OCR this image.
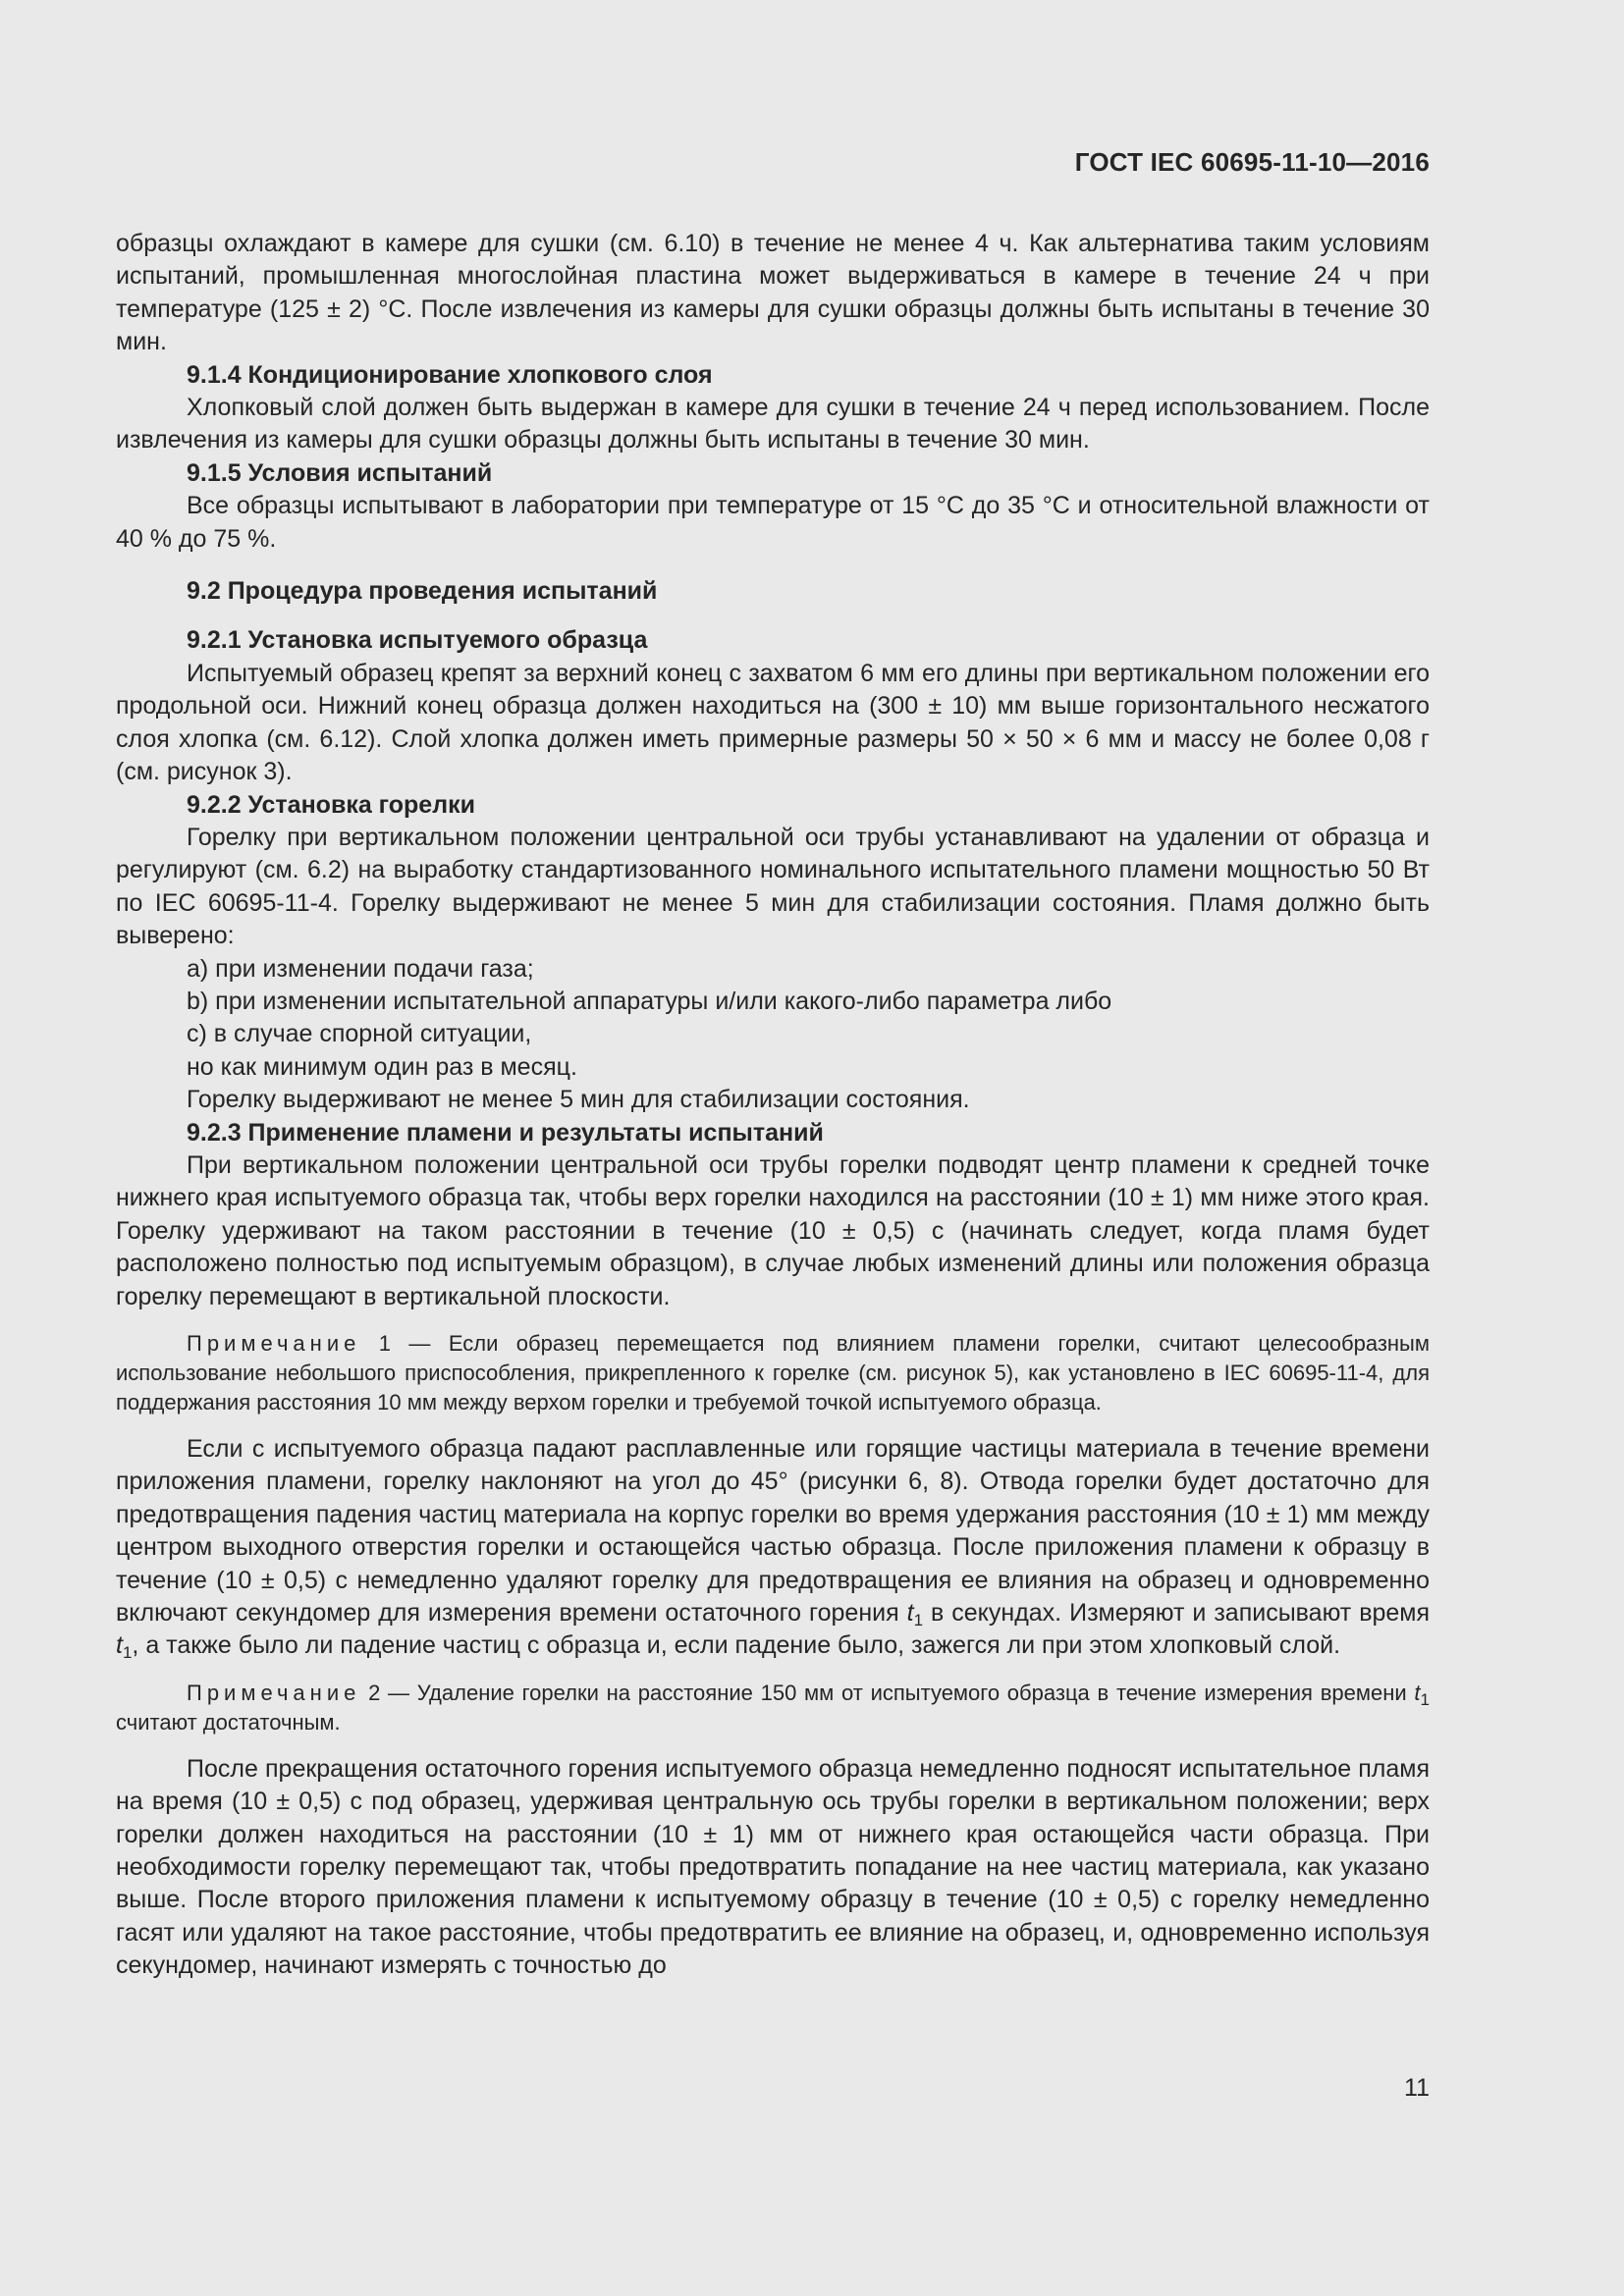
ГОСТ IEC 60695-11-10—2016

образцы охлаждают в камере для сушки (см. 6.10) в течение не менее 4 ч. Как альтернатива таким условиям испытаний, промышленная многослойная пластина может выдерживаться в камере в течение 24 ч при температуре (125 ± 2) °С. После извлечения из камеры для сушки образцы должны быть испытаны в течение 30 мин.

9.1.4 Кондиционирование хлопкового слоя

Хлопковый слой должен быть выдержан в камере для сушки в течение 24 ч перед использованием. После извлечения из камеры для сушки образцы должны быть испытаны в течение 30 мин.

9.1.5 Условия испытаний

Все образцы испытывают в лаборатории при температуре от 15 °С до 35 °С и относительной влажности от 40 % до 75 %.

9.2 Процедура проведения испытаний

9.2.1 Установка испытуемого образца

Испытуемый образец крепят за верхний конец с захватом 6 мм его длины при вертикальном положении его продольной оси. Нижний конец образца должен находиться на (300 ± 10) мм выше горизонтального несжатого слоя хлопка (см. 6.12). Слой хлопка должен иметь примерные размеры 50 × 50 × 6 мм и массу не более 0,08 г (см. рисунок 3).

9.2.2 Установка горелки

Горелку при вертикальном положении центральной оси трубы устанавливают на удалении от образца и регулируют (см. 6.2) на выработку стандартизованного номинального испытательного пламени мощностью 50 Вт по IEC 60695-11-4. Горелку выдерживают не менее 5 мин для стабилизации состояния. Пламя должно быть выверено:

a) при изменении подачи газа;

b) при изменении испытательной аппаратуры и/или какого-либо параметра либо

c) в случае спорной ситуации,

но как минимум один раз в месяц.

Горелку выдерживают не менее 5 мин для стабилизации состояния.

9.2.3 Применение пламени и результаты испытаний

При вертикальном положении центральной оси трубы горелки подводят центр пламени к средней точке нижнего края испытуемого образца так, чтобы верх горелки находился на расстоянии (10 ± 1) мм ниже этого края. Горелку удерживают на таком расстоянии в течение (10 ± 0,5) с (начинать следует, когда пламя будет расположено полностью под испытуемым образцом), в случае любых изменений длины или положения образца горелку перемещают в вертикальной плоскости.

Примечание 1 — Если образец перемещается под влиянием пламени горелки, считают целесообразным использование небольшого приспособления, прикрепленного к горелке (см. рисунок 5), как установлено в IEC 60695-11-4, для поддержания расстояния 10 мм между верхом горелки и требуемой точкой испытуемого образца.

Если с испытуемого образца падают расплавленные или горящие частицы материала в течение времени приложения пламени, горелку наклоняют на угол до 45° (рисунки 6, 8). Отвода горелки будет достаточно для предотвращения падения частиц материала на корпус горелки во время удержания расстояния (10 ± 1) мм между центром выходного отверстия горелки и остающейся частью образца. После приложения пламени к образцу в течение (10 ± 0,5) с немедленно удаляют горелку для предотвращения ее влияния на образец и одновременно включают секундомер для измерения времени остаточного горения $t_1$ в секундах. Измеряют и записывают время $t_1$, а также было ли падение частиц с образца и, если падение было, зажегся ли при этом хлопковый слой.

Примечание 2 — Удаление горелки на расстояние 150 мм от испытуемого образца в течение измерения времени $t_1$ считают достаточным.

После прекращения остаточного горения испытуемого образца немедленно подносят испытательное пламя на время (10 ± 0,5) с под образец, удерживая центральную ось трубы горелки в вертикальном положении; верх горелки должен находиться на расстоянии (10 ± 1) мм от нижнего края остающейся части образца. При необходимости горелку перемещают так, чтобы предотвратить попадание на нее частиц материала, как указано выше. После второго приложения пламени к испытуемому образцу в течение (10 ± 0,5) с горелку немедленно гасят или удаляют на такое расстояние, чтобы предотвратить ее влияние на образец, и, одновременно используя секундомер, начинают измерять с точностью до

11
